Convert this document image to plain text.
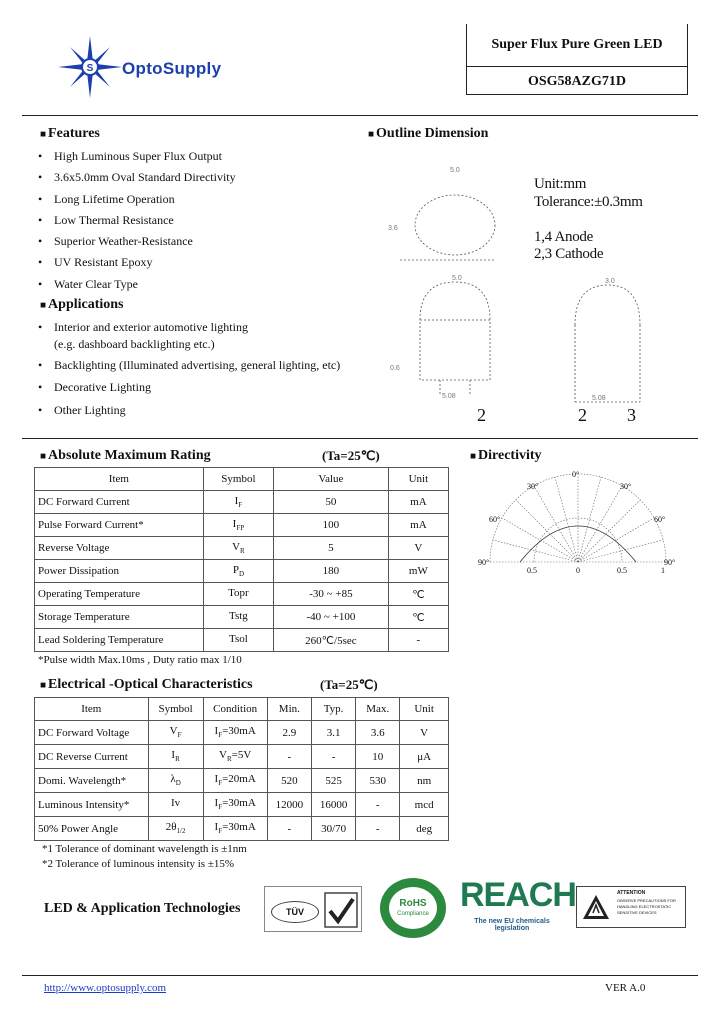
S OptoSupply
Super Flux Pure Green LED
OSG58AZG71D
■ Features
• High Luminous Super Flux Output
• 3.6x5.0mm Oval Standard Directivity
• Long Lifetime Operation
• Low Thermal Resistance
• Superior Weather-Resistance
• UV Resistant Epoxy
• Water Clear Type
■ Applications
• Interior and exterior automotive lighting
(e.g. dashboard backlighting etc.)
• Backlighting (Illuminated advertising, general lighting, etc)
• Decorative Lighting
• Other Lighting
■ Outline Dimension
5.0
3.6
5.0
0.6
5.08
3.0
5.08
Unit:mm
Tolerance:±0.3mm
1,4 Anode
2,3 Cathode
2	2 3
■ Absolute Maximum Rating	(Ta=25℃)
Item	Symbol	Value	Unit
DC Forward Current	$I_F$	50	mA
Pulse Forward Current*	$I_{FP}$	100	mA
Reverse Voltage	$V_R$	5	V
Power Dissipation	$P_D$	180	mW
Operating Temperature	Topr	-30 ~ +85	℃
Storage Temperature	Tstg	-40 ~ +100	℃
Lead Soldering Temperature	Tsol	260℃/5sec	-
*Pulse width Max.10ms , Duty ratio max 1/10
■ Directivity
0°
30°	30°
60°	60°
90°	90°
0.5	0	0.5	1
■ Electrical -Optical Characteristics	(Ta=25℃)
Item	Symbol	Condition	Min.	Typ.	Max.	Unit
DC Forward Voltage	$V_F$	$I_F=30mA$	2.9	3.1	3.6	V
DC Reverse Current	$I_R$	$V_R=5V$	-	-	10	μA
Domi. Wavelength*	$\lambda_D$	$I_F=20mA$	520	525	530	nm
Luminous Intensity*	Iv	$I_F=30mA$	12000	16000	-	mcd
50% Power Angle	$2\theta_{1/2}$	$I_F=30mA$	-	30/70	-	deg
*1 Tolerance of dominant wavelength is ±1nm
*2 Tolerance of luminous intensity is ±15%
LED & Application Technologies	TÜV
RoHS
Compliance REACH
The new EU chemicals legislation
ATTENTION
OBSERVE PRECAUTIONS FOR HANDLING ELECTROSTATIC SENSITIVE DEVICES
http://www.optosupply.com	VER A.0
